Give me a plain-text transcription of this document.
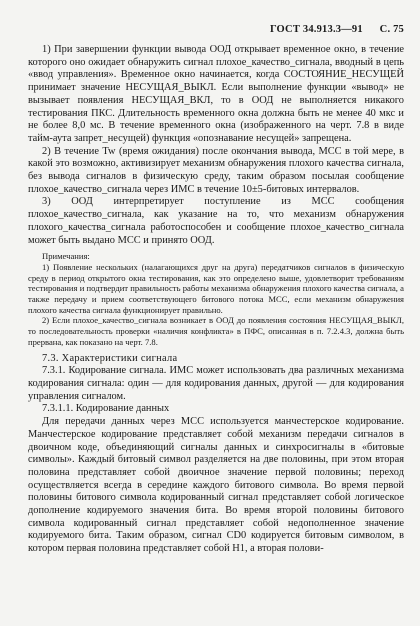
ГОСТ 34.913.3—91 С. 75

1) При завершении функции вывода ООД открывает временное окно, в течение которого оно ожидает обнаружить сигнал плохое_качество_сигнала, вводный в цепь «ввод управления». Временное окно начинается, когда СОСТОЯНИЕ_НЕСУЩЕЙ принимает значение НЕСУЩАЯ_ВЫКЛ. Если выполнение функции «вывод» не вызывает появления НЕСУЩАЯ_ВКЛ, то в ООД не выполняется никакого тестирования ПКС. Длительность временного окна должна быть не менее 40 мкс и не более 8,0 мс. В течение временного окна (изображенного на черт. 7.8 в виде тайм-аута запрет_несущей) функция «опознавание несущей» запрещена.

2) В течение Tw (время ожидания) после окончания вывода, МСС в той мере, в какой это возможно, активизирует механизм обнаружения плохого качества сигнала, без вывода сигналов в физическую среду, таким образом посылая сообщение плохое_качество_сигнала через ИМС в течение 10±5-битовых интервалов.

3) ООД интерпретирует поступление из МСС сообщения плохое_качество_сигнала, как указание на то, что механизм обнаружения плохого_качества_сигнала работоспособен и сообщение плохое_качество_сигнала может быть выдано МСС и принято ООД.

Примечания:

1) Появление нескольких (налагающихся друг на друга) передатчиков сигналов в физическую среду в период открытого окна тестирования, как это определено выше, удовлетворит требованиям тестирования и подтвердит правильность работы механизма обнаружения плохого качества сигнала, а также передачу и прием соответствующего битового потока МСС, если механизм обнаружения плохого качества сигнала функционирует правильно.

2) Если плохое_качество_сигнала возникает в ООД до появления состояния НЕСУЩАЯ_ВЫКЛ, то последовательность проверки «наличия конфликта» в ПФС, описанная в п. 7.2.4.3, должна быть прервана, как показано на черт. 7.8.

7.3. Характеристики сигнала

7.3.1. Кодирование сигнала. ИМС может использовать два различных механизма кодирования сигнала: один — для кодирования данных, другой — для кодирования управления сигналом.

7.3.1.1. Кодирование данных

Для передачи данных через МСС используется манчестерское кодирование. Манчестерское кодирование представляет собой механизм передачи сигналов в двоичном коде, объединяющий сигналы данных и синхросигналы в «битовые символы». Каждый битовый символ разделяется на две половины, при этом вторая половина представляет собой двоичное значение первой половины; переход осуществляется всегда в середине каждого битового символа. Во время первой половины битового символа кодированный сигнал представляет собой логическое дополнение кодируемого значения бита. Во время второй половины битового символа кодированный сигнал представляет собой недополненное значение кодируемого бита. Таким образом, сигнал CD0 кодируется битовым символом, в котором первая половина представляет собой H1, а вторая полови-
